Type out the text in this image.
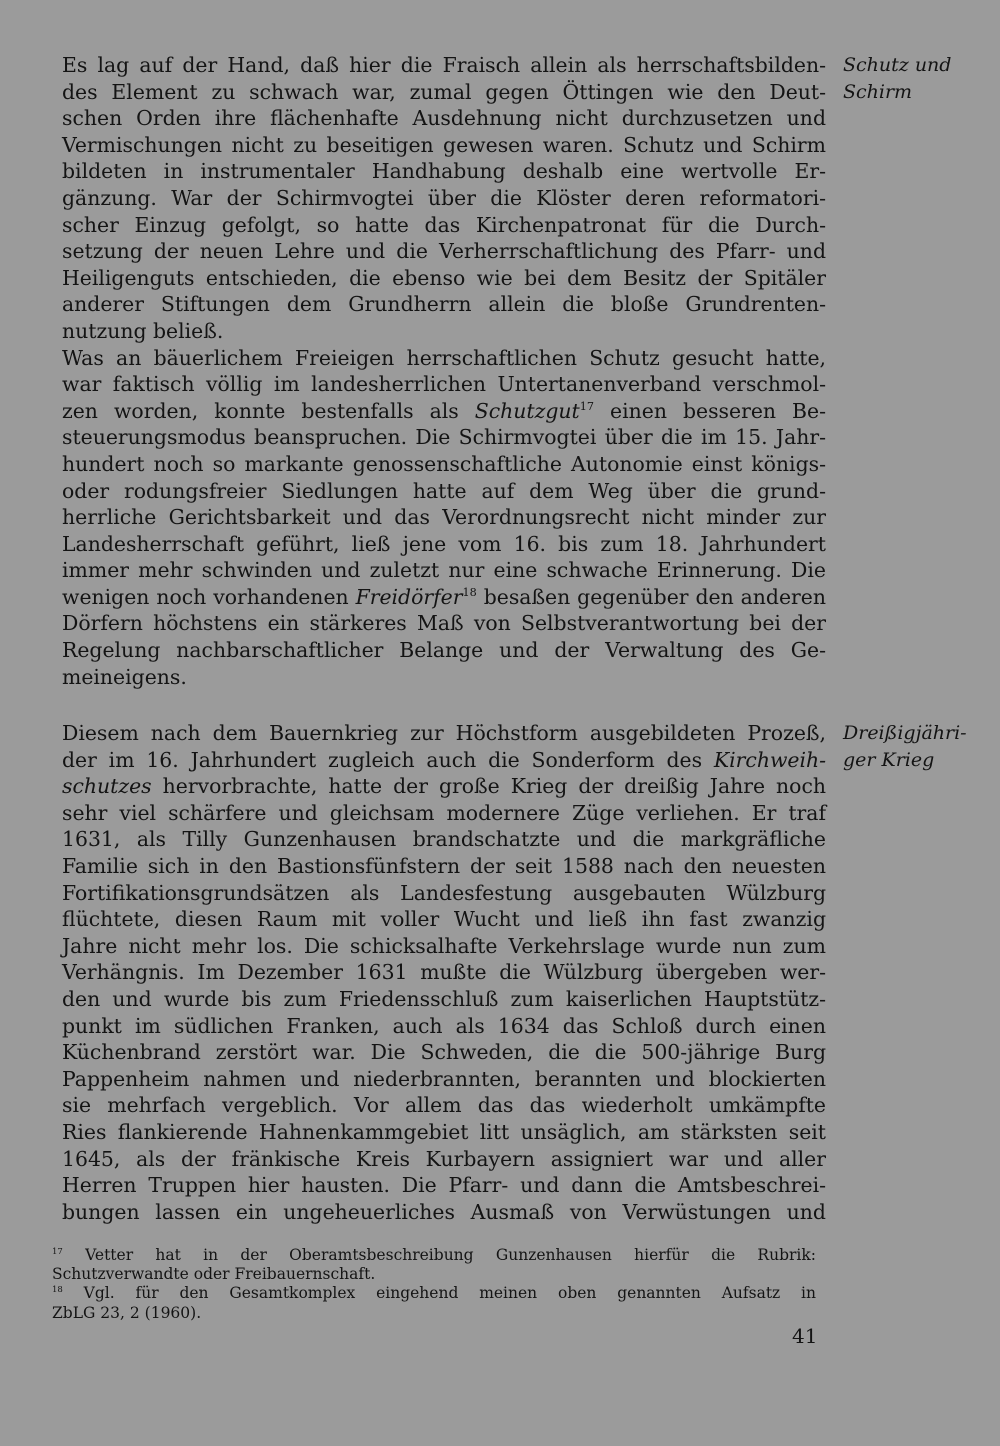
Schutz und
Schirm
Dreißigjähri-
ger Krieg
Es lag auf der Hand, daß hier die Fraisch allein als herrschaftsbilden-
des Element zu schwach war, zumal gegen Öttingen wie den Deut-
schen Orden ihre flächenhafte Ausdehnung nicht durchzusetzen und
Vermischungen nicht zu beseitigen gewesen waren. Schutz und Schirm
bildeten in instrumentaler Handhabung deshalb eine wertvolle Er-
gänzung. War der Schirmvogtei über die Klöster deren reformatori-
scher Einzug gefolgt, so hatte das Kirchenpatronat für die Durch-
setzung der neuen Lehre und die Verherrschaftlichung des Pfarr- und
Heiligenguts entschieden, die ebenso wie bei dem Besitz der Spitäler
anderer Stiftungen dem Grundherrn allein die bloße Grundrenten-
nutzung beließ.
Was an bäuerlichem Freieigen herrschaftlichen Schutz gesucht hatte,
war faktisch völlig im landesherrlichen Untertanenverband verschmol-
zen worden, konnte bestenfalls als Schutzgut$^{17}$ einen besseren Be-
steuerungsmodus beanspruchen. Die Schirmvogtei über die im 15. Jahr-
hundert noch so markante genossenschaftliche Autonomie einst königs-
oder rodungsfreier Siedlungen hatte auf dem Weg über die grund-
herrliche Gerichtsbarkeit und das Verordnungsrecht nicht minder zur
Landesherrschaft geführt, ließ jene vom 16. bis zum 18. Jahrhundert
immer mehr schwinden und zuletzt nur eine schwache Erinnerung. Die
wenigen noch vorhandenen Freidörfer$^{18}$ besaßen gegenüber den anderen
Dörfern höchstens ein stärkeres Maß von Selbstverantwortung bei der
Regelung nachbarschaftlicher Belange und der Verwaltung des Ge-
meineigens.
Diesem nach dem Bauernkrieg zur Höchstform ausgebildeten Prozeß,
der im 16. Jahrhundert zugleich auch die Sonderform des Kirchweih-
schutzes hervorbrachte, hatte der große Krieg der dreißig Jahre noch
sehr viel schärfere und gleichsam modernere Züge verliehen. Er traf
1631, als Tilly Gunzenhausen brandschatzte und die markgräfliche
Familie sich in den Bastionsfünfstern der seit 1588 nach den neuesten
Fortifikationsgrundsätzen als Landesfestung ausgebauten Wülzburg
flüchtete, diesen Raum mit voller Wucht und ließ ihn fast zwanzig
Jahre nicht mehr los. Die schicksalhafte Verkehrslage wurde nun zum
Verhängnis. Im Dezember 1631 mußte die Wülzburg übergeben wer-
den und wurde bis zum Friedensschluß zum kaiserlichen Hauptstütz-
punkt im südlichen Franken, auch als 1634 das Schloß durch einen
Küchenbrand zerstört war. Die Schweden, die die 500-jährige Burg
Pappenheim nahmen und niederbrannten, berannten und blockierten
sie mehrfach vergeblich. Vor allem das das wiederholt umkämpfte
Ries flankierende Hahnenkammgebiet litt unsäglich, am stärksten seit
1645, als der fränkische Kreis Kurbayern assigniert war und aller
Herren Truppen hier hausten. Die Pfarr- und dann die Amtsbeschrei-
bungen lassen ein ungeheuerliches Ausmaß von Verwüstungen und
$^{17}$ Vetter hat in der Oberamtsbeschreibung Gunzenhausen hierfür die Rubrik:
Schutzverwandte oder Freibauernschaft.
$^{18}$ Vgl. für den Gesamtkomplex eingehend meinen oben genannten Aufsatz in
ZbLG 23, 2 (1960).
41
